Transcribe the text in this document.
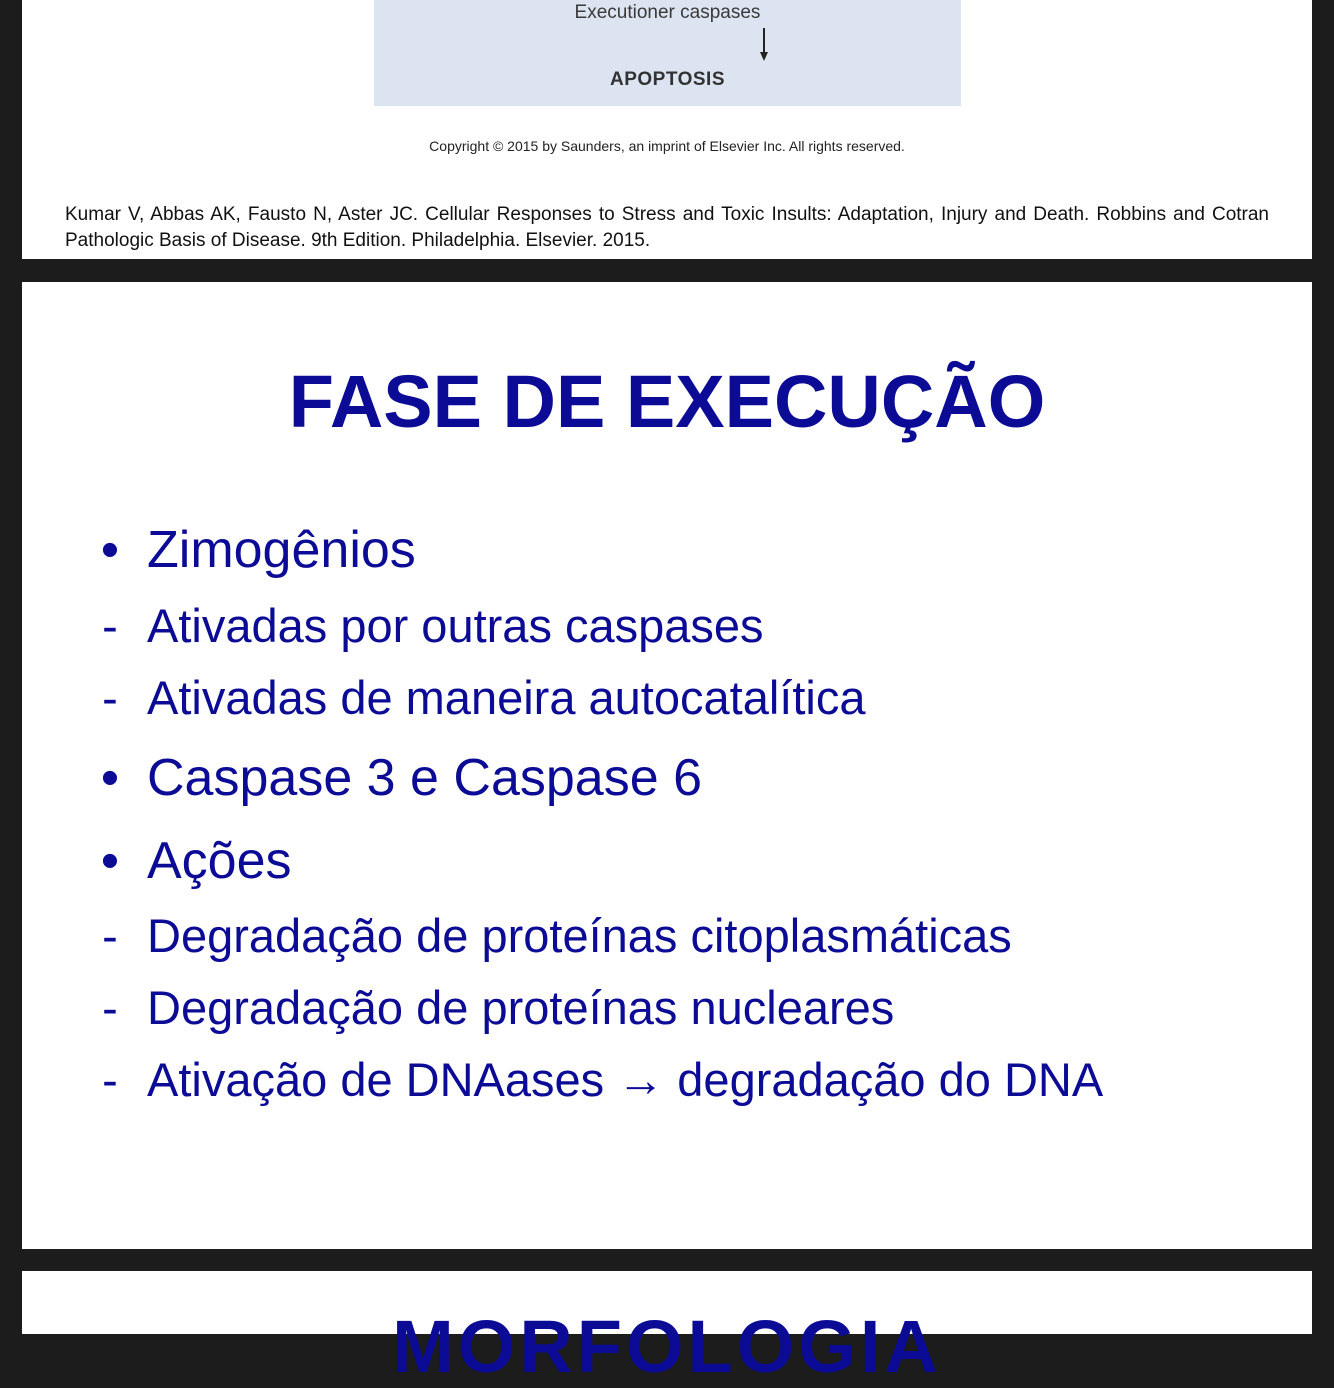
Executioner caspases
APOPTOSIS
Copyright © 2015 by Saunders, an imprint of Elsevier Inc. All rights reserved.
Kumar V, Abbas AK, Fausto N, Aster JC. Cellular Responses to Stress and Toxic Insults: Adaptation, Injury and Death. Robbins and Cotran Pathologic Basis of Disease. 9th Edition. Philadelphia. Elsevier. 2015.
FASE DE EXECUÇÃO
• Zimogênios
- Ativadas por outras caspases
- Ativadas de maneira autocatalítica
• Caspase 3 e Caspase 6
• Ações
- Degradação de proteínas citoplasmáticas
- Degradação de proteínas nucleares
- Ativação de DNAases → degradação do DNA
MORFOLOGIA
